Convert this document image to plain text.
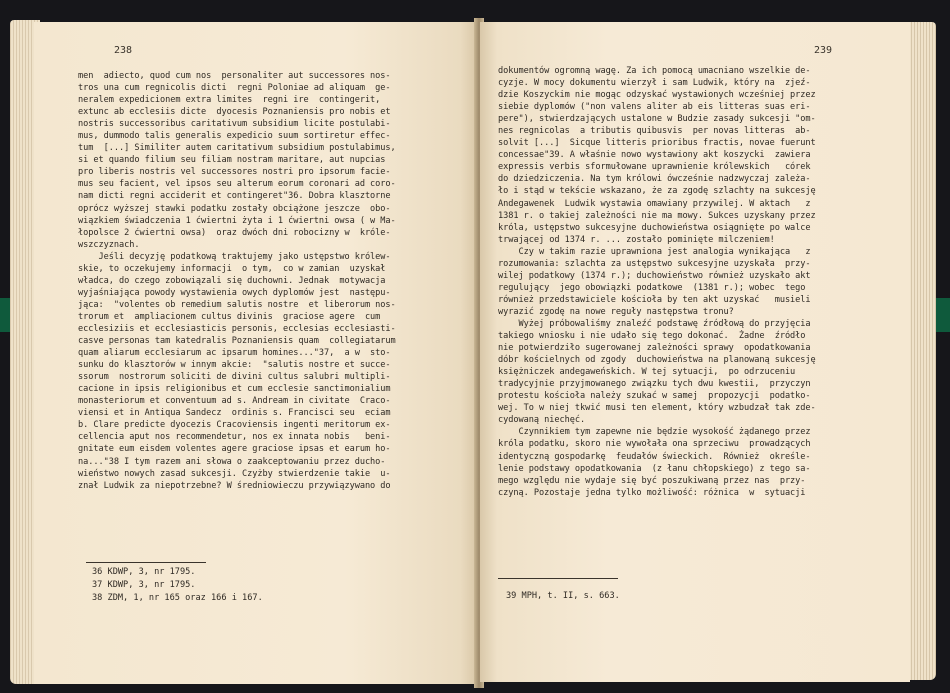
238
men  adiecto, quod cum nos  personaliter aut successores nos-
tros una cum regnicolis dicti  regni Poloniae ad aliquam  ge-
neralem expedicionem extra limites  regni ire  contingerit,
extunc ab ecclesiis dicte  dyocesis Poznaniensis pro nobis et
nostris successoribus caritativum subsidium licite postulabi-
mus, dummodo talis generalis expedicio suum sortiretur effec-
tum  [...] Similiter autem caritativum subsidium postulabimus,
si et quando filium seu filiam nostram maritare, aut nupcias
pro liberis nostris vel successores nostri pro ipsorum facie-
mus seu facient, vel ipsos seu alterum eorum coronari ad coro-
nam dicti regni acciderit et contingeret"36. Dobra klasztorne
oprócz wyższej stawki podatku zostały obciążone jeszcze  obo-
wiązkiem świadczenia 1 ćwiertni żyta i 1 ćwiertni owsa ( w Ma-
łopolsce 2 ćwiertni owsa)  oraz dwóch dni robocizny w  króle-
wszczyznach.
Jeśli decyzję podatkową traktujemy jako ustępstwo królew-
skie, to oczekujemy informacji  o tym,  co w zamian  uzyskał
władca, do czego zobowiązali się duchowni. Jednak  motywacja
wyjaśniająca powody wystawienia owych dyplomów jest  następu-
jąca:  "volentes ob remedium salutis nostre  et liberorum nos-
trorum et  ampliacionem cultus divinis  graciose agere  cum
ecclesiziis et ecclesiasticis personis, ecclesias ecclesiasti-
casve personas tam katedralis Poznaniensis quam  collegiatarum
quam aliarum ecclesiarum ac ipsarum homines..."37,  a w  sto-
sunku do klasztorów w innym akcie:  "salutis nostre et succe-
ssorum  nostrorum soliciti de divini cultus salubri multipli-
cacione in ipsis religionibus et cum ecclesie sanctimonialium
monasteriorum et conventuum ad s. Andream in civitate  Craco-
viensi et in Antiqua Sandecz  ordinis s. Francisci seu  eciam
b. Clare predicte dyocezis Cracoviensis ingenti meritorum ex-
cellencia aput nos recommendetur, nos ex innata nobis   beni-
gnitate eum eisdem volentes agere graciose ipsas et earum ho-
na..."38 I tym razem ani słowa o zaakceptowaniu przez ducho-
wieństwo nowych zasad sukcesji. Czyżby stwierdzenie takie  u-
znał Ludwik za niepotrzebne? W średniowieczu przywiązywano do
36 KDWP, 3, nr 1795.
37 KDWP, 3, nr 1795.
38 ZDM, 1, nr 165 oraz 166 i 167.
239
dokumentów ogromną wagę. Za ich pomocą umacniano wszelkie de-
cyzje. W mocy dokumentu wierzył i sam Ludwik, który na  zjeź-
dzie Koszyckim nie mogąc odzyskać wystawionych wcześniej przez
siebie dyplomów ("non valens aliter ab eis litteras suas eri-
pere"), stwierdzających ustalone w Budzie zasady sukcesji "om-
nes regnicolas  a tributis quibusvis  per novas litteras  ab-
solvit [...]  Sicque litteris prioribus fractis, novae fuerunt
concessae"39. A właśnie nowo wystawiony akt koszycki  zawiera
expressis verbis sformułowane uprawnienie królewskich   córek
do dziedziczenia. Na tym królowi ówcześnie nadzwyczaj zależa-
ło i stąd w tekście wskazano, że za zgodę szlachty na sukcesję
Andegawenek  Ludwik wystawia omawiany przywilej. W aktach   z
1381 r. o takiej zależności nie ma mowy. Sukces uzyskany przez
króla, ustępstwo sukcesyjne duchowieństwa osiągnięte po walce
trwającej od 1374 r. ... zostało pominięte milczeniem!
Czy w takim razie uprawniona jest analogia wynikająca   z
rozumowania: szlachta za ustępstwo sukcesyjne uzyskała  przy-
wilej podatkowy (1374 r.); duchowieństwo również uzyskało akt
regulujący  jego obowiązki podatkowe  (1381 r.); wobec  tego
również przedstawiciele kościoła by ten akt uzyskać   musieli
wyrazić zgodę na nowe reguły następstwa tronu?
Wyżej próbowaliśmy znaleźć podstawę źródłową do przyjęcia
takiego wniosku i nie udało się tego dokonać.  Żadne  źródło
nie potwierdziło sugerowanej zależności sprawy  opodatkowania
dóbr kościelnych od zgody  duchowieństwa na planowaną sukcesję
księżniczek andegaweńskich. W tej sytuacji,  po odrzuceniu
tradycyjnie przyjmowanego związku tych dwu kwestii,  przyczyn
protestu kościoła należy szukać w samej  propozycji  podatko-
wej. To w niej tkwić musi ten element, który wzbudzał tak zde-
cydowaną niechęć.
Czynnikiem tym zapewne nie będzie wysokość żądanego przez
króla podatku, skoro nie wywołała ona sprzeciwu  prowadzących
identyczną gospodarkę  feudałów świeckich.  Również  określe-
lenie podstawy opodatkowania  (z łanu chłopskiego) z tego sa-
mego względu nie wydaje się być poszukiwaną przez nas  przy-
czyną. Pozostaje jedna tylko możliwość: różnica  w  sytuacji
39 MPH, t. II, s. 663.
